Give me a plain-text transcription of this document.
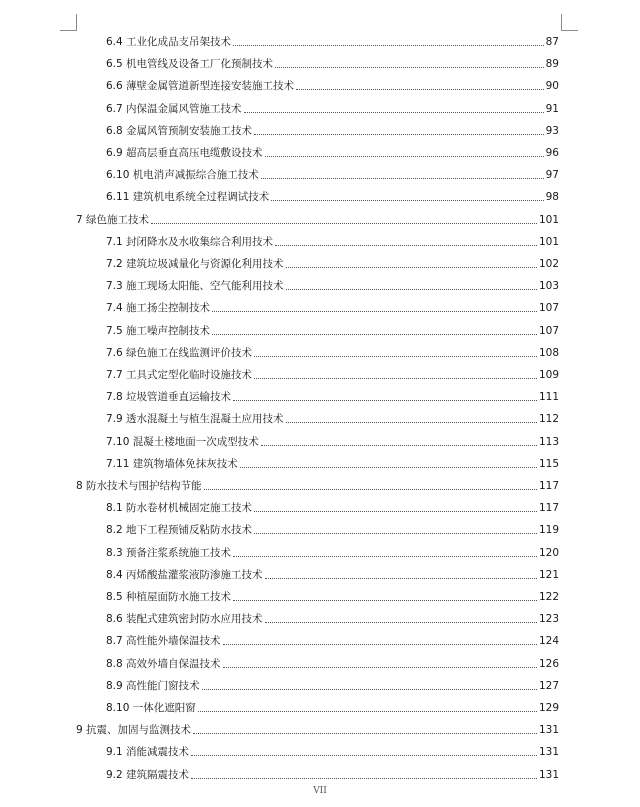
6.4 工业化成品支吊架技术	87
6.5 机电管线及设备工厂化预制技术	89
6.6 薄壁金属管道新型连接安装施工技术	90
6.7 内保温金属风管施工技术	91
6.8 金属风管预制安装施工技术	93
6.9 超高层垂直高压电缆敷设技术	96
6.10 机电消声减振综合施工技术	97
6.11 建筑机电系统全过程调试技术	98
7 绿色施工技术	101
7.1 封闭降水及水收集综合利用技术	101
7.2 建筑垃圾减量化与资源化利用技术	102
7.3 施工现场太阳能、空气能利用技术	103
7.4 施工扬尘控制技术	107
7.5 施工噪声控制技术	107
7.6 绿色施工在线监测评价技术	108
7.7 工具式定型化临时设施技术	109
7.8 垃圾管道垂直运输技术	111
7.9 透水混凝土与植生混凝土应用技术	112
7.10 混凝土楼地面一次成型技术	113
7.11 建筑物墙体免抹灰技术	115
8 防水技术与围护结构节能	117
8.1 防水卷材机械固定施工技术	117
8.2 地下工程预铺反粘防水技术	119
8.3 预备注浆系统施工技术	120
8.4 丙烯酸盐灌浆液防渗施工技术	121
8.5 种植屋面防水施工技术	122
8.6 装配式建筑密封防水应用技术	123
8.7 高性能外墙保温技术	124
8.8 高效外墙自保温技术	126
8.9 高性能门窗技术	127
8.10 一体化遮阳窗	129
9 抗震、加固与监测技术	131
9.1 消能减震技术	131
9.2 建筑隔震技术	131
VII
